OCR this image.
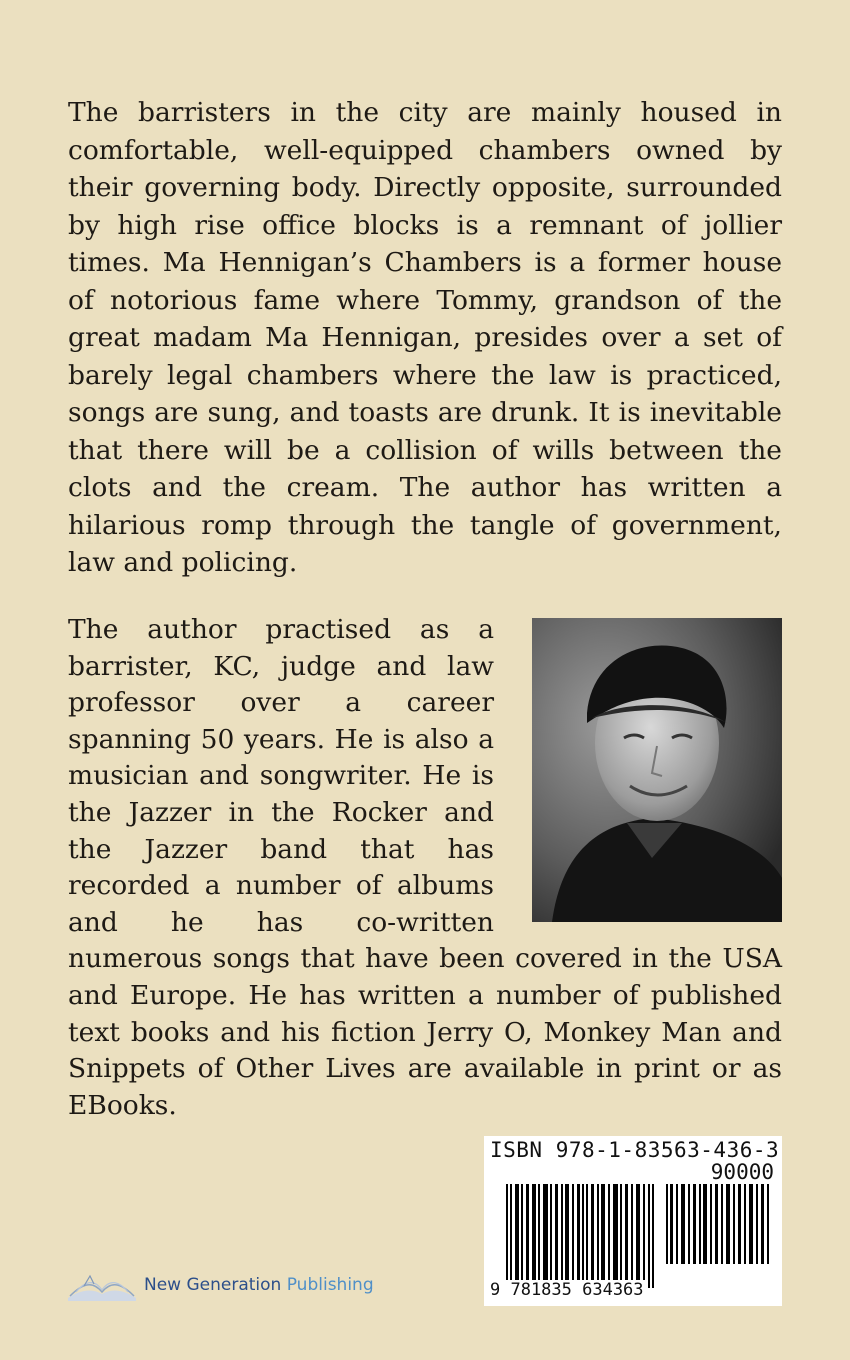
The barristers in the city are mainly housed in comfortable, well-equipped chambers owned by their governing body. Directly opposite, surrounded by high rise office blocks is a remnant of jollier times. Ma Hennigan’s Chambers is a former house of notorious fame where Tommy, grandson of the great madam Ma Hennigan, presides over a set of barely legal chambers where the law is practiced, songs are sung, and toasts are drunk. It is inevitable that there will be a collision of wills between the clots and the cream. The author has written a hilarious romp through the tangle of government, law and policing.

The author practised as a barrister, KC, judge and law professor over a career spanning 50 years. He is also a musician and songwriter. He is the Jazzer in the Rocker and the Jazzer band that has recorded a number of albums and he has co-written numerous songs that have been covered in the USA and Europe. He has written a number of published text books and his fiction Jerry O, Monkey Man and Snippets of Other Lives are available in print or as EBooks.

ISBN 978-1-83563-436-3
90000
9 781835 634363
New Generation Publishing
